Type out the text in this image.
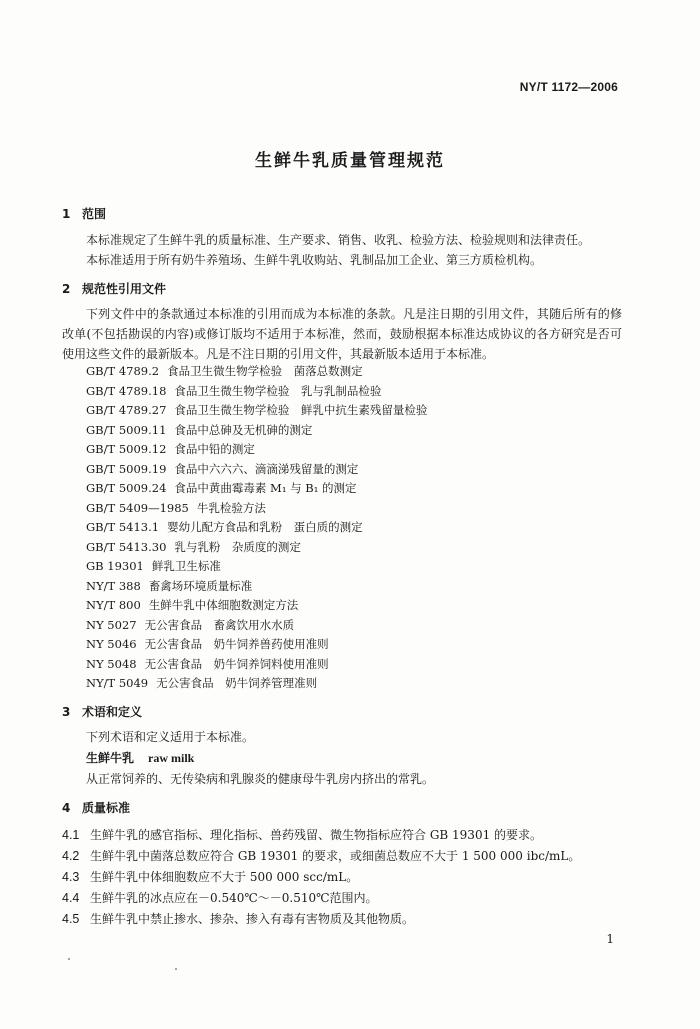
NY/T 1172—2006
生鲜牛乳质量管理规范
1 范围

本标准规定了生鲜牛乳的质量标准、生产要求、销售、收乳、检验方法、检验规则和法律责任。

本标准适用于所有奶牛养殖场、生鲜牛乳收购站、乳制品加工企业、第三方质检机构。

2 规范性引用文件

下列文件中的条款通过本标准的引用而成为本标准的条款。凡是注日期的引用文件，其随后所有的修改单(不包括勘误的内容)或修订版均不适用于本标准，然而，鼓励根据本标准达成协议的各方研究是否可使用这些文件的最新版本。凡是不注日期的引用文件，其最新版本适用于本标准。

GB/T 4789.2 食品卫生微生物学检验　菌落总数测定
GB/T 4789.18 食品卫生微生物学检验　乳与乳制品检验
GB/T 4789.27 食品卫生微生物学检验　鲜乳中抗生素残留量检验
GB/T 5009.11 食品中总砷及无机砷的测定
GB/T 5009.12 食品中铅的测定
GB/T 5009.19 食品中六六六、滴滴涕残留量的测定
GB/T 5009.24 食品中黄曲霉毒素 M₁ 与 B₁ 的测定
GB/T 5409—1985 牛乳检验方法
GB/T 5413.1 婴幼儿配方食品和乳粉　蛋白质的测定
GB/T 5413.30 乳与乳粉　杂质度的测定
GB 19301 鲜乳卫生标准
NY/T 388 畜禽场环境质量标准
NY/T 800 生鲜牛乳中体细胞数测定方法
NY 5027 无公害食品　畜禽饮用水水质
NY 5046 无公害食品　奶牛饲养兽药使用准则
NY 5048 无公害食品　奶牛饲养饲料使用准则
NY/T 5049 无公害食品　奶牛饲养管理准则
3 术语和定义
下列术语和定义适用于本标准。
生鲜牛乳 raw milk
从正常饲养的、无传染病和乳腺炎的健康母牛乳房内挤出的常乳。
4 质量标准
4.1 生鲜牛乳的感官指标、理化指标、兽药残留、微生物指标应符合 GB 19301 的要求。
4.2 生鲜牛乳中菌落总数应符合 GB 19301 的要求，或细菌总数应不大于 1 500 000 ibc/mL。
4.3 生鲜牛乳中体细胞数应不大于 500 000 scc/mL。
4.4 生鲜牛乳的冰点应在－0.540℃～－0.510℃范围内。
4.5 生鲜牛乳中禁止掺水、掺杂、掺入有毒有害物质及其他物质。
1
